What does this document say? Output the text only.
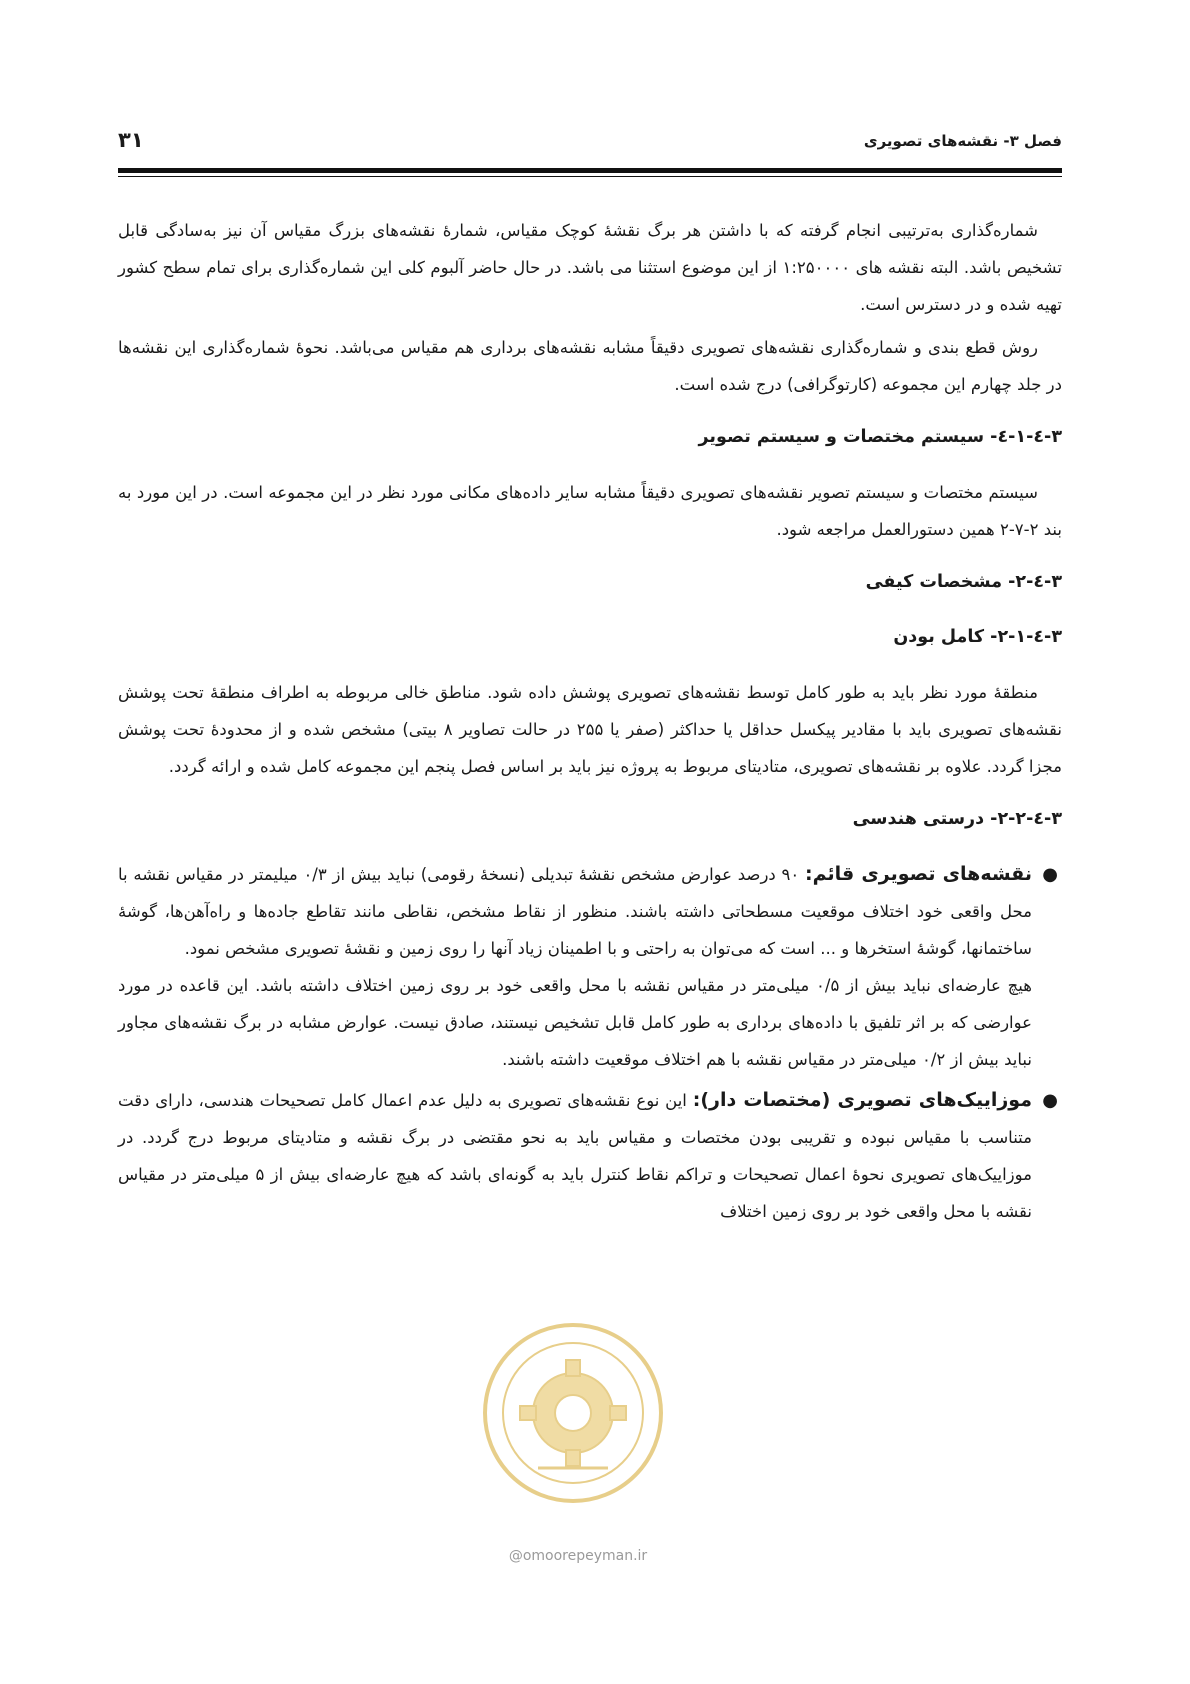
فصل ۳- نقشه‌های تصویری
۳۱

شماره‌گذاری به‌ترتیبی انجام گرفته که با داشتن هر برگ نقشهٔ کوچک مقیاس، شمارهٔ نقشه‌های بزرگ مقیاس آن نیز به‌سادگی قابل تشخیص باشد. البته نقشه های ۱:۲۵۰۰۰۰ از این موضوع استثنا می باشد. در حال حاضر آلبوم کلی این شماره‌گذاری برای تمام سطح کشور تهیه شده و در دسترس است.

روش قطع بندی و شماره‌گذاری نقشه‌های تصویری دقیقاً مشابه نقشه‌های برداری هم مقیاس می‌باشد. نحوهٔ شماره‌گذاری این نقشه‌ها در جلد چهارم این مجموعه (کارتوگرافی) درج شده است.

۳-٤-۱-٤- سیستم مختصات و سیستم تصویر

سیستم مختصات و سیستم تصویر نقشه‌های تصویری دقیقاً مشابه سایر داده‌های مکانی مورد نظر در این مجموعه است. در این مورد به بند ۲-۷-۲ همین دستورالعمل مراجعه شود.

۳-٤-۲- مشخصات کیفی
۳-٤-۲-۱- کامل بودن

منطقهٔ مورد نظر باید به طور کامل توسط نقشه‌های تصویری پوشش داده شود. مناطق خالی مربوطه به اطراف منطقهٔ تحت پوشش نقشه‌های تصویری باید با مقادیر پیکسل حداقل یا حداکثر (صفر یا ۲۵۵ در حالت تصاویر ۸ بیتی) مشخص شده و از محدودهٔ تحت پوشش مجزا گردد. علاوه بر نقشه‌های تصویری، متادیتای مربوط به پروژه نیز باید بر اساس فصل پنجم این مجموعه کامل شده و ارائه گردد.

۳-٤-۲-۲- درستی هندسی
●
نقشه‌های تصویری قائم: ۹۰ درصد عوارض مشخص نقشهٔ تبدیلی (نسخهٔ رقومی) نباید بیش از ۰/۳ میلیمتر در مقیاس نقشه با محل واقعی خود اختلاف موقعیت مسطحاتی داشته باشند. منظور از نقاط مشخص، نقاطی مانند تقاطع جاده‌ها و راه‌آهن‌ها، گوشهٔ ساختمانها، گوشهٔ استخرها و ... است که می‌توان به راحتی و با اطمینان زیاد آنها را روی زمین و نقشهٔ تصویری مشخص نمود.
هیچ عارضه‌ای نباید بیش از ۰/۵ میلی‌متر در مقیاس نقشه با محل واقعی خود بر روی زمین اختلاف داشته باشد. این قاعده در مورد عوارضی که بر اثر تلفیق با داده‌های برداری به طور کامل قابل تشخیص نیستند، صادق نیست. عوارض مشابه در برگ نقشه‌های مجاور نباید بیش از ۰/۲ میلی‌متر در مقیاس نقشه با هم اختلاف موقعیت داشته باشند.
●
موزاییک‌های تصویری (مختصات دار): این نوع نقشه‌های تصویری به دلیل عدم اعمال کامل تصحیحات هندسی، دارای دقت متناسب با مقیاس نبوده و تقریبی بودن مختصات و مقیاس باید به نحو مقتضی در برگ نقشه و متادیتای مربوط درج گردد. در موزاییک‌های تصویری نحوهٔ اعمال تصحیحات و تراکم نقاط کنترل باید به گونه‌ای باشد که هیچ عارضه‌ای بیش از ۵ میلی‌متر در مقیاس نقشه با محل واقعی خود بر روی زمین اختلاف
@omoorepeyman.ir
